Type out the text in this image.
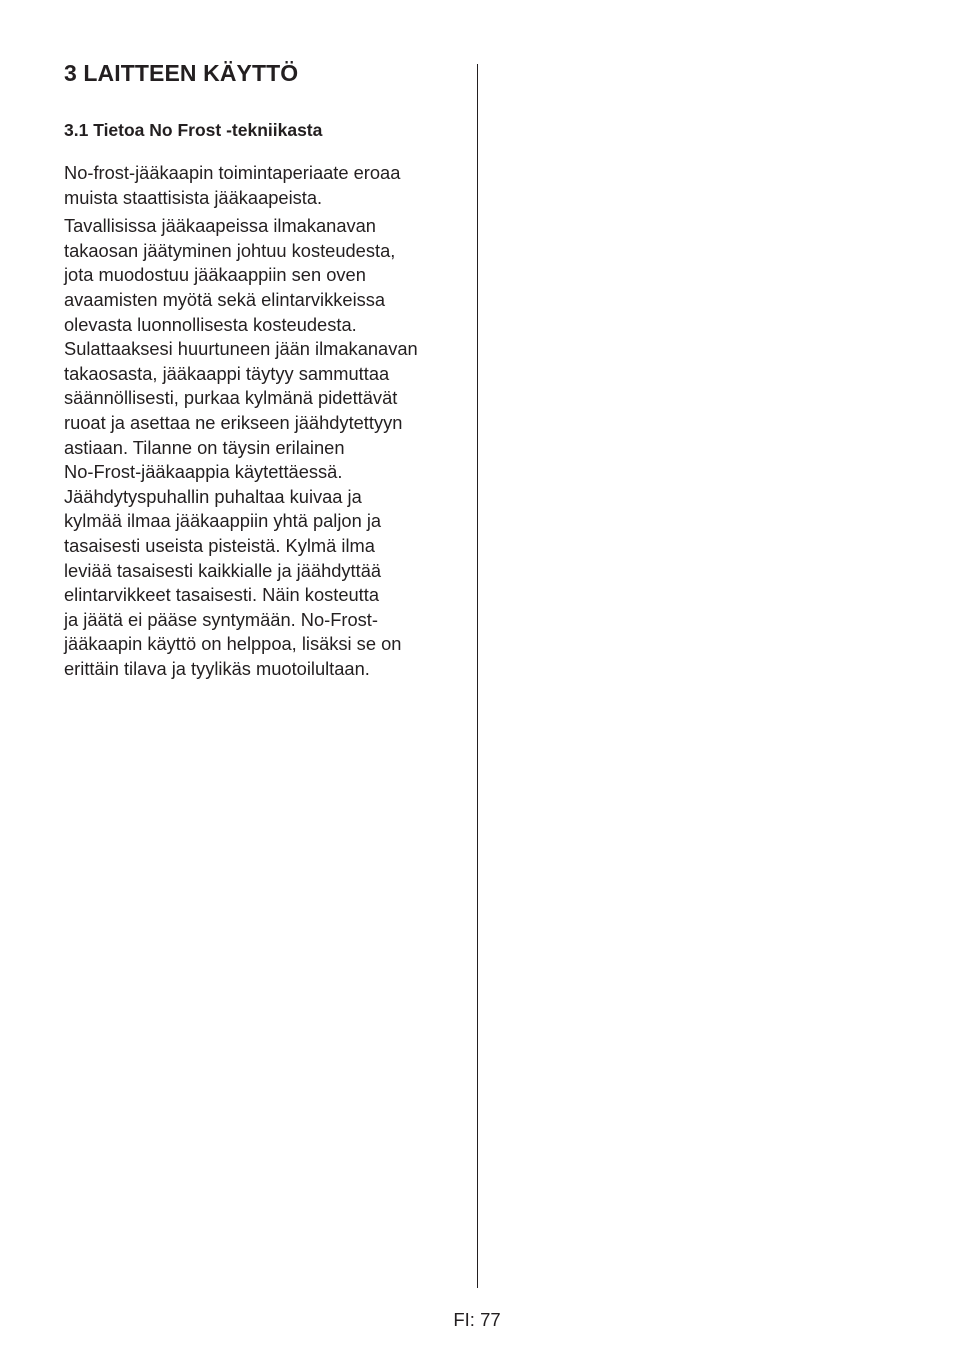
3 LAITTEEN KÄYTTÖ
3.1 Tietoa No Frost -tekniikasta

No-frost-jääkaapin toimintaperiaate eroaa
muista staattisista jääkaapeista.

Tavallisissa jääkaapeissa ilmakanavan
takaosan jäätyminen johtuu kosteudesta,
jota muodostuu jääkaappiin sen oven
avaamisten myötä sekä elintarvikkeissa
olevasta luonnollisesta kosteudesta.
Sulattaaksesi huurtuneen jään ilmakanavan
takaosasta, jääkaappi täytyy sammuttaa
säännöllisesti, purkaa kylmänä pidettävät
ruoat ja asettaa ne erikseen jäähdytettyyn
astiaan. Tilanne on täysin erilainen
No-Frost-jääkaappia käytettäessä.
Jäähdytyspuhallin puhaltaa kuivaa ja
kylmää ilmaa jääkaappiin yhtä paljon ja
tasaisesti useista pisteistä. Kylmä ilma
leviää tasaisesti kaikkialle ja jäähdyttää
elintarvikkeet tasaisesti. Näin kosteutta
ja jäätä ei pääse syntymään. No-Frost-
jääkaapin käyttö on helppoa, lisäksi se on
erittäin tilava ja tyylikäs muotoilultaan.

FI: 77
